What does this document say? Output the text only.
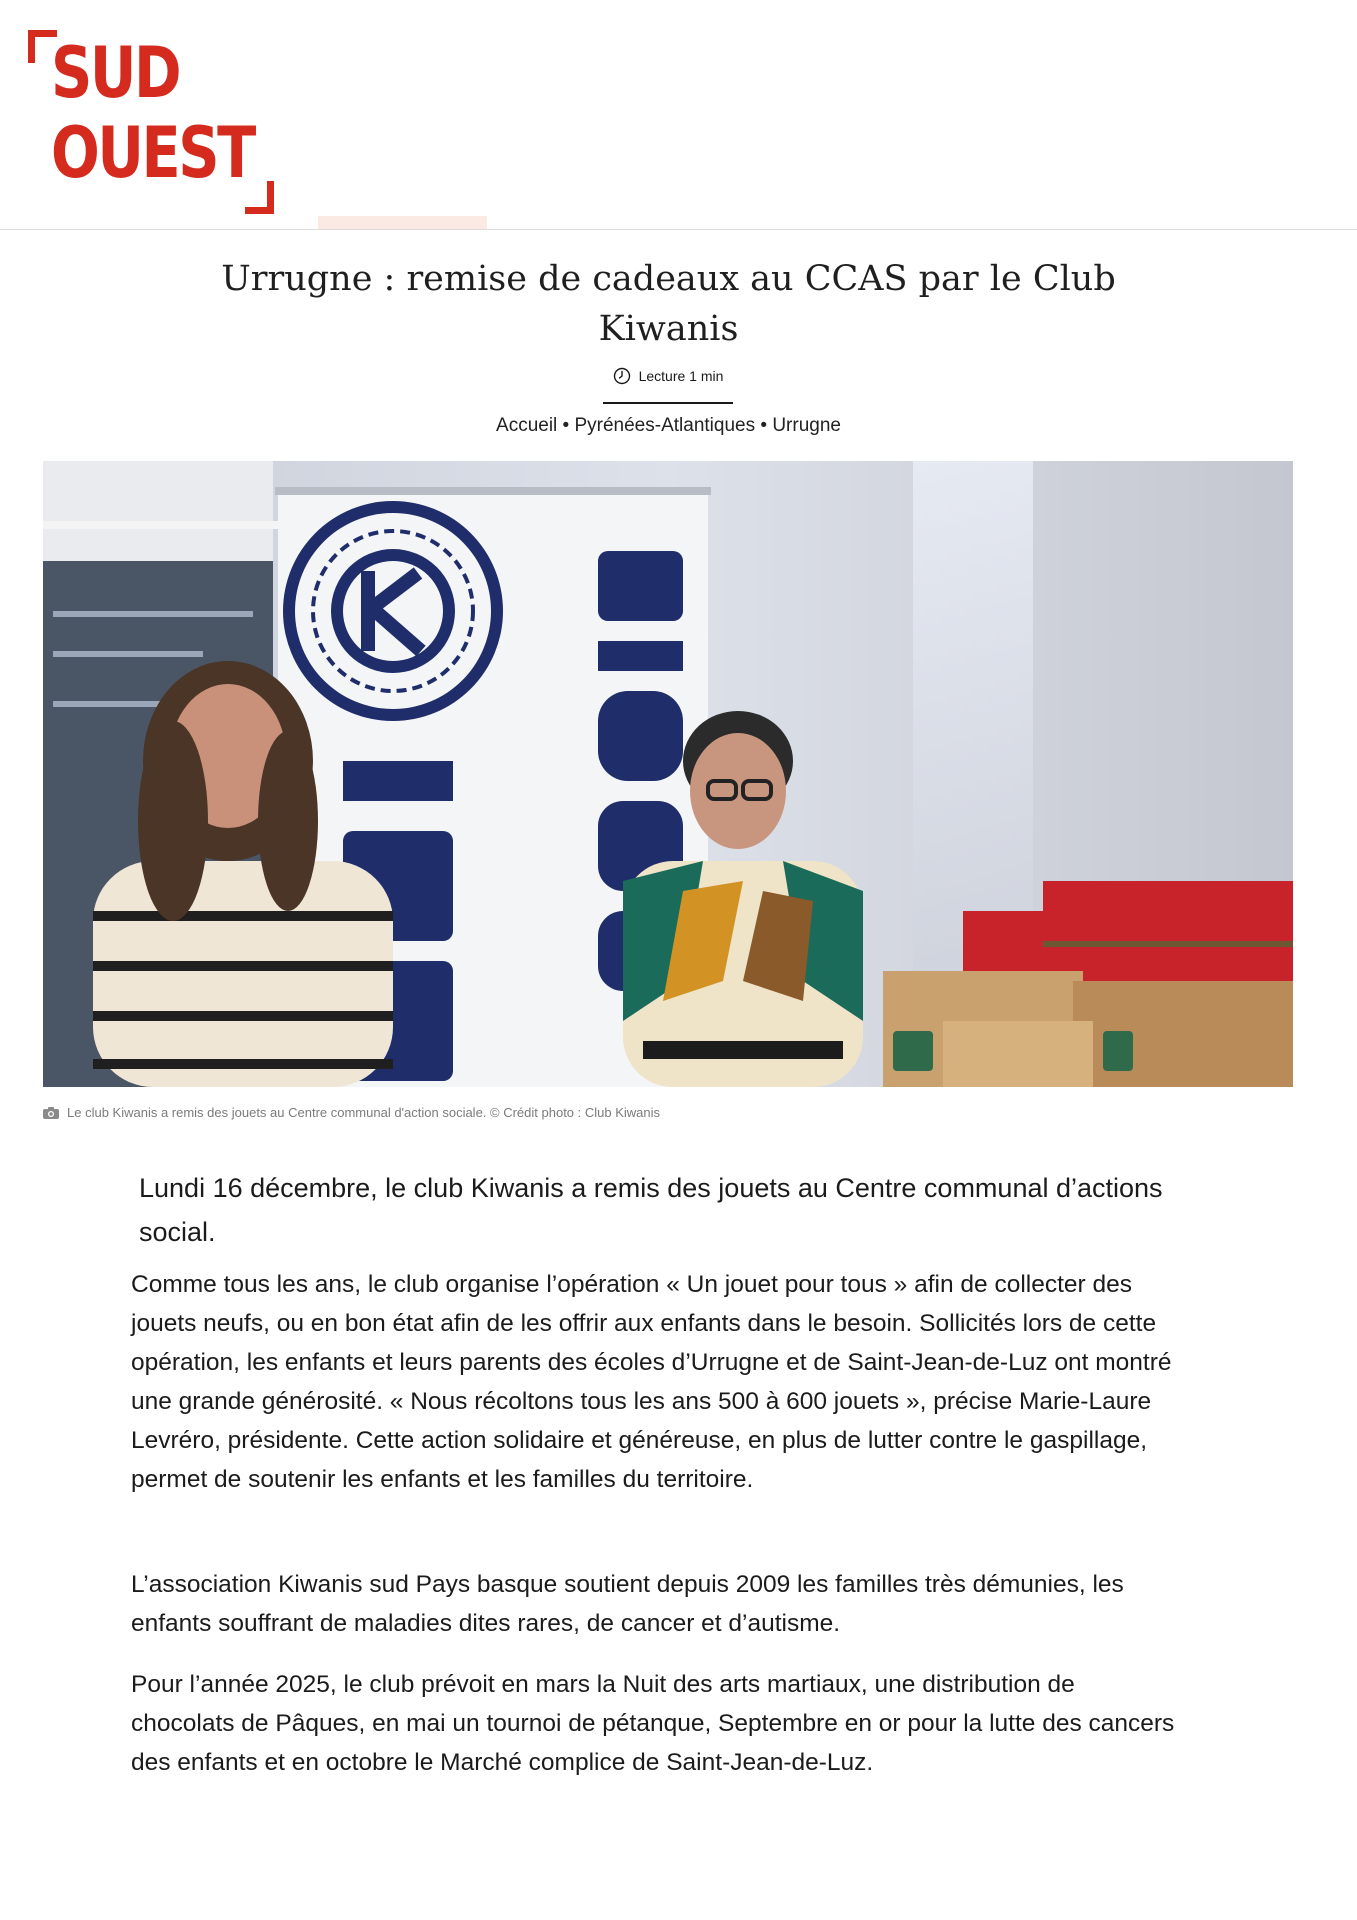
SUD
OUEST
Urrugne : remise de cadeaux au CCAS par le Club Kiwanis
Lecture 1 min
Accueil • Pyrénées-Atlantiques • Urrugne
Le club Kiwanis a remis des jouets au Centre communal d'action sociale. © Crédit photo : Club Kiwanis

Lundi 16 décembre, le club Kiwanis a remis des jouets au Centre communal d’actions social.

Comme tous les ans, le club organise l’opération « Un jouet pour tous » afin de collecter des jouets neufs, ou en bon état afin de les offrir aux enfants dans le besoin. Sollicités lors de cette opération, les enfants et leurs parents des écoles d’Urrugne et de Saint-Jean-de-Luz ont montré une grande générosité. « Nous récoltons tous les ans 500 à 600 jouets », précise Marie-Laure Levréro, présidente. Cette action solidaire et généreuse, en plus de lutter contre le gaspillage, permet de soutenir les enfants et les familles du territoire.

L’association Kiwanis sud Pays basque soutient depuis 2009 les familles très démunies, les enfants souffrant de maladies dites rares, de cancer et d’autisme.

Pour l’année 2025, le club prévoit en mars la Nuit des arts martiaux, une distribution de chocolats de Pâques, en mai un tournoi de pétanque, Septembre en or pour la lutte des cancers des enfants et en octobre le Marché complice de Saint-Jean-de-Luz.
